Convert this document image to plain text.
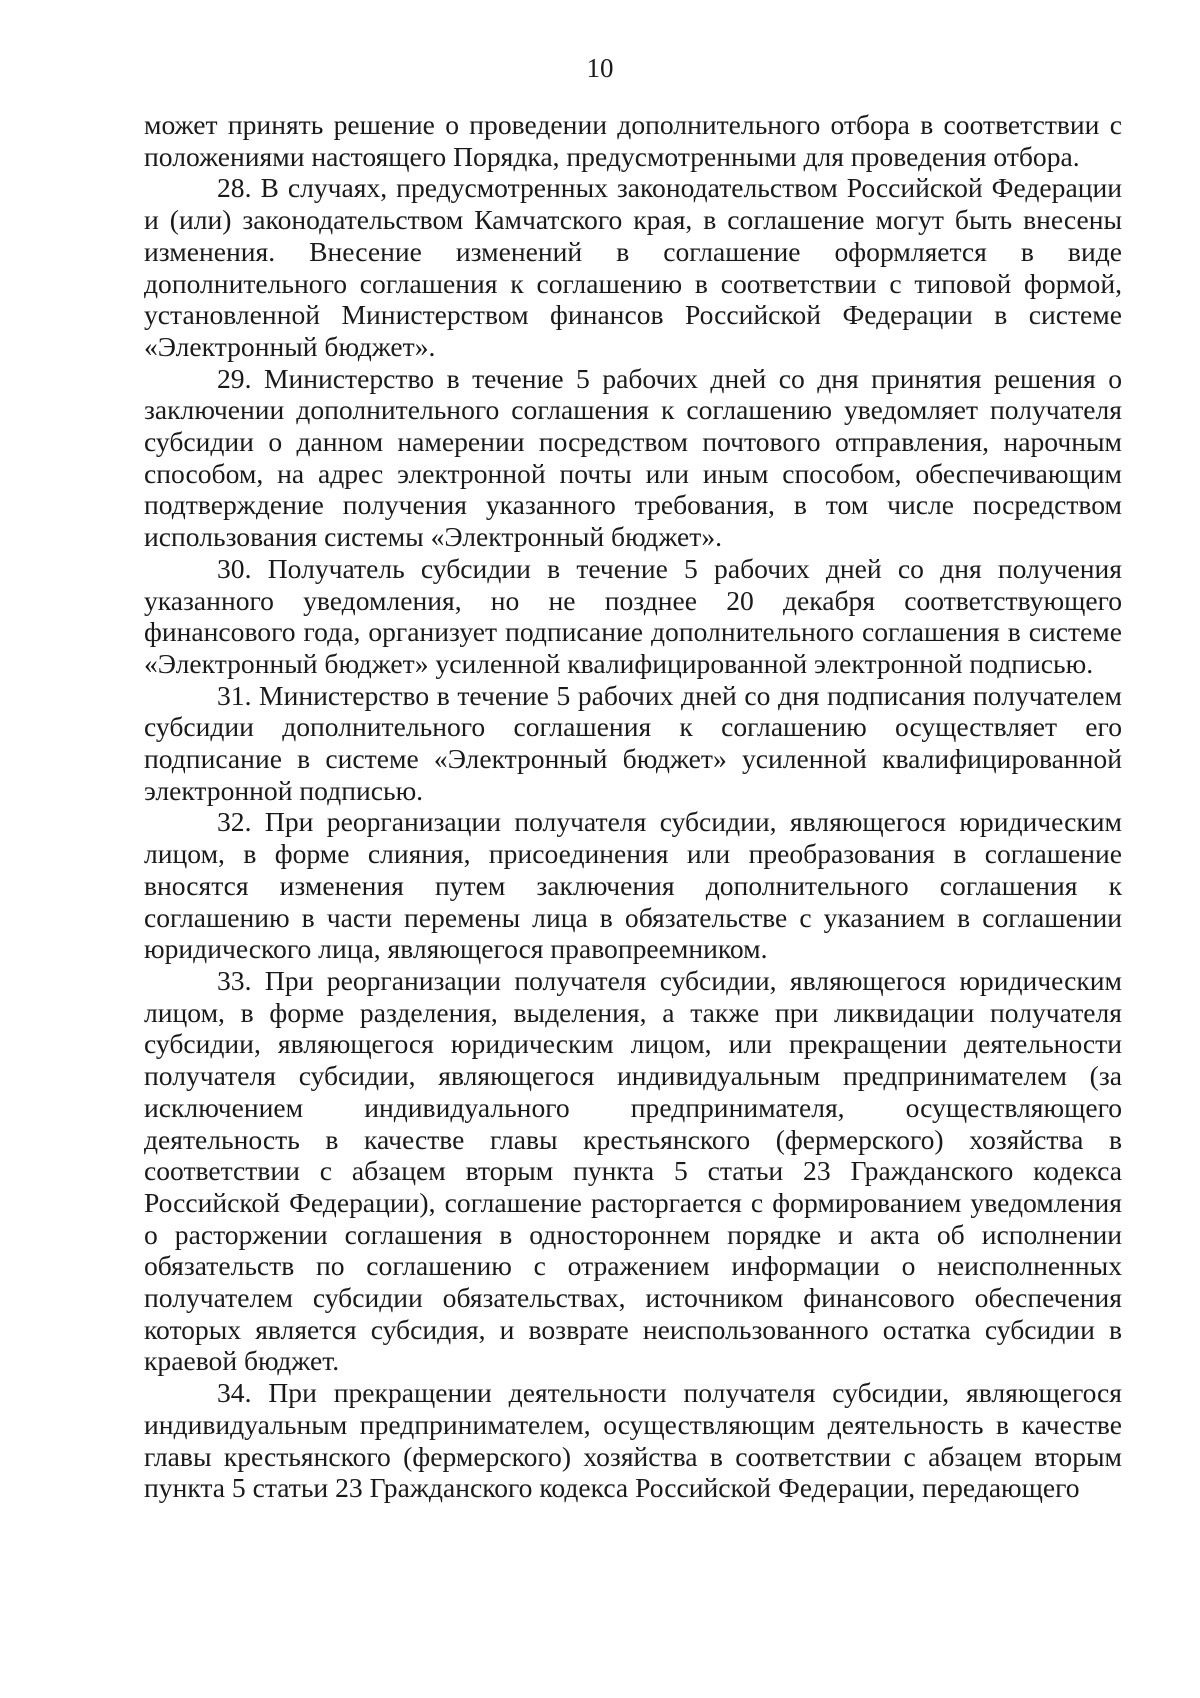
10

может принять решение о проведении дополнительного отбора в соответствии с положениями настоящего Порядка, предусмотренными для проведения отбора.

28. В случаях, предусмотренных законодательством Российской Федерации и (или) законодательством Камчатского края, в соглашение могут быть внесены изменения. Внесение изменений в соглашение оформляется в виде дополнительного соглашения к соглашению в соответствии с типовой формой, установленной Министерством финансов Российской Федерации в системе «Электронный бюджет».

29. Министерство в течение 5 рабочих дней со дня принятия решения о заключении дополнительного соглашения к соглашению уведомляет получателя субсидии о данном намерении посредством почтового отправления, нарочным способом, на адрес электронной почты или иным способом, обеспечивающим подтверждение получения указанного требования, в том числе посредством использования системы «Электронный бюджет».

30. Получатель субсидии в течение 5 рабочих дней со дня получения указанного уведомления, но не позднее 20 декабря соответствующего финансового года, организует подписание дополнительного соглашения в системе «Электронный бюджет» усиленной квалифицированной электронной подписью.

31. Министерство в течение 5 рабочих дней со дня подписания получателем субсидии дополнительного соглашения к соглашению осуществляет его подписание в системе «Электронный бюджет» усиленной квалифицированной электронной подписью.

32. При реорганизации получателя субсидии, являющегося юридическим лицом, в форме слияния, присоединения или преобразования в соглашение вносятся изменения путем заключения дополнительного соглашения к соглашению в части перемены лица в обязательстве с указанием в соглашении юридического лица, являющегося правопреемником.

33. При реорганизации получателя субсидии, являющегося юридическим лицом, в форме разделения, выделения, а также при ликвидации получателя субсидии, являющегося юридическим лицом, или прекращении деятельности получателя субсидии, являющегося индивидуальным предпринимателем (за исключением индивидуального предпринимателя, осуществляющего деятельность в качестве главы крестьянского (фермерского) хозяйства в соответствии с абзацем вторым пункта 5 статьи 23 Гражданского кодекса Российской Федерации), соглашение расторгается с формированием уведомления о расторжении соглашения в одностороннем порядке и акта об исполнении обязательств по соглашению с отражением информации о неисполненных получателем субсидии обязательствах, источником финансового обеспечения которых является субсидия, и возврате неиспользованного остатка субсидии в краевой бюджет.

34. При прекращении деятельности получателя субсидии, являющегося индивидуальным предпринимателем, осуществляющим деятельность в качестве главы крестьянского (фермерского) хозяйства в соответствии с абзацем вторым пункта 5 статьи 23 Гражданского кодекса Российской Федерации, передающего
